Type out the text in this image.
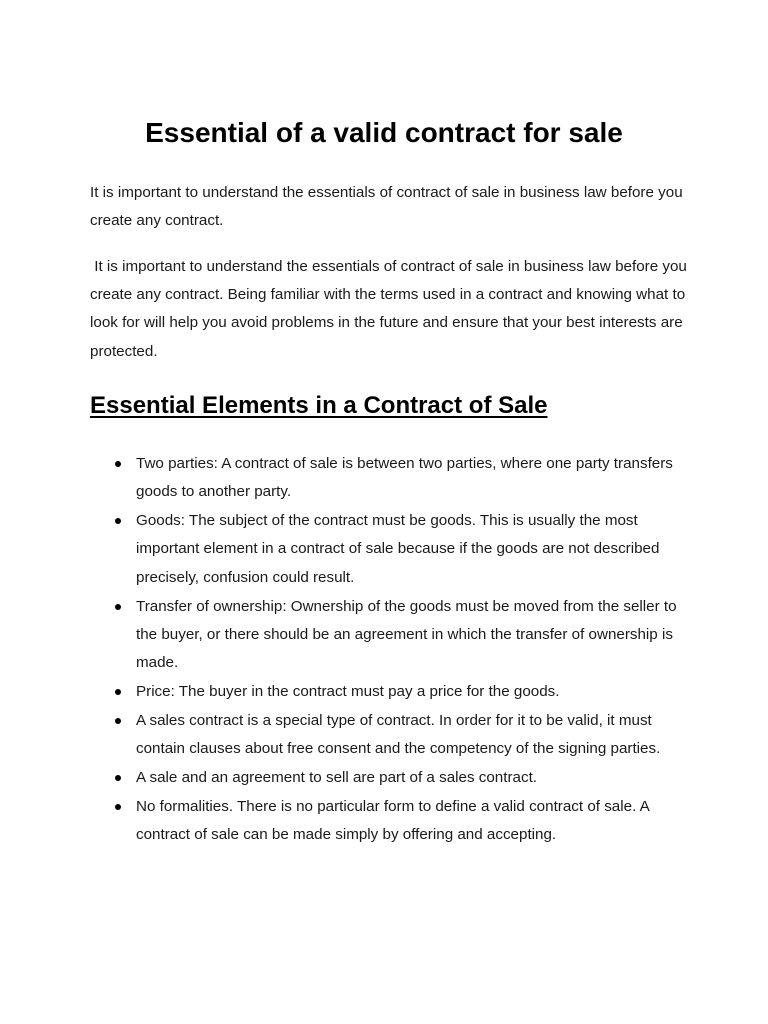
Essential of a valid contract for sale

It is important to understand the essentials of contract of sale in business law before you create any contract.

It is important to understand the essentials of contract of sale in business law before you create any contract. Being familiar with the terms used in a contract and knowing what to look for will help you avoid problems in the future and ensure that your best interests are protected.

Essential Elements in a Contract of Sale
Two parties: A contract of sale is between two parties, where one party transfers goods to another party.
Goods: The subject of the contract must be goods. This is usually the most important element in a contract of sale because if the goods are not described precisely, confusion could result.
Transfer of ownership: Ownership of the goods must be moved from the seller to the buyer, or there should be an agreement in which the transfer of ownership is made.
Price: The buyer in the contract must pay a price for the goods.
A sales contract is a special type of contract. In order for it to be valid, it must contain clauses about free consent and the competency of the signing parties.
A sale and an agreement to sell are part of a sales contract.
No formalities. There is no particular form to define a valid contract of sale. A contract of sale can be made simply by offering and accepting.
